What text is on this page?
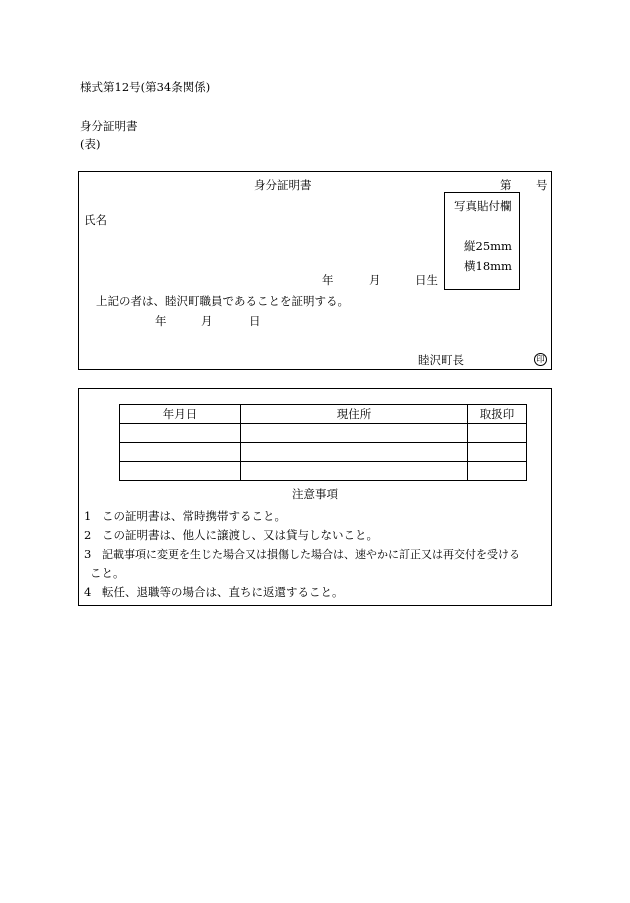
様式第12号(第34条関係)
身分証明書
(表)
身分証明書	第 号
写真貼付欄
縦25mm
横18mm
氏名
年	月	日生
上記の者は、睦沢町職員であることを証明する。
年	月	日
睦沢町長	印
年月日	現住所	取扱印

注意事項
1 この証明書は、常時携帯すること。
2 この証明書は、他人に譲渡し、又は貸与しないこと。
3 記載事項に変更を生じた場合又は損傷した場合は、速やかに訂正又は再交付を受ける
こと。
4 転任、退職等の場合は、直ちに返還すること。
